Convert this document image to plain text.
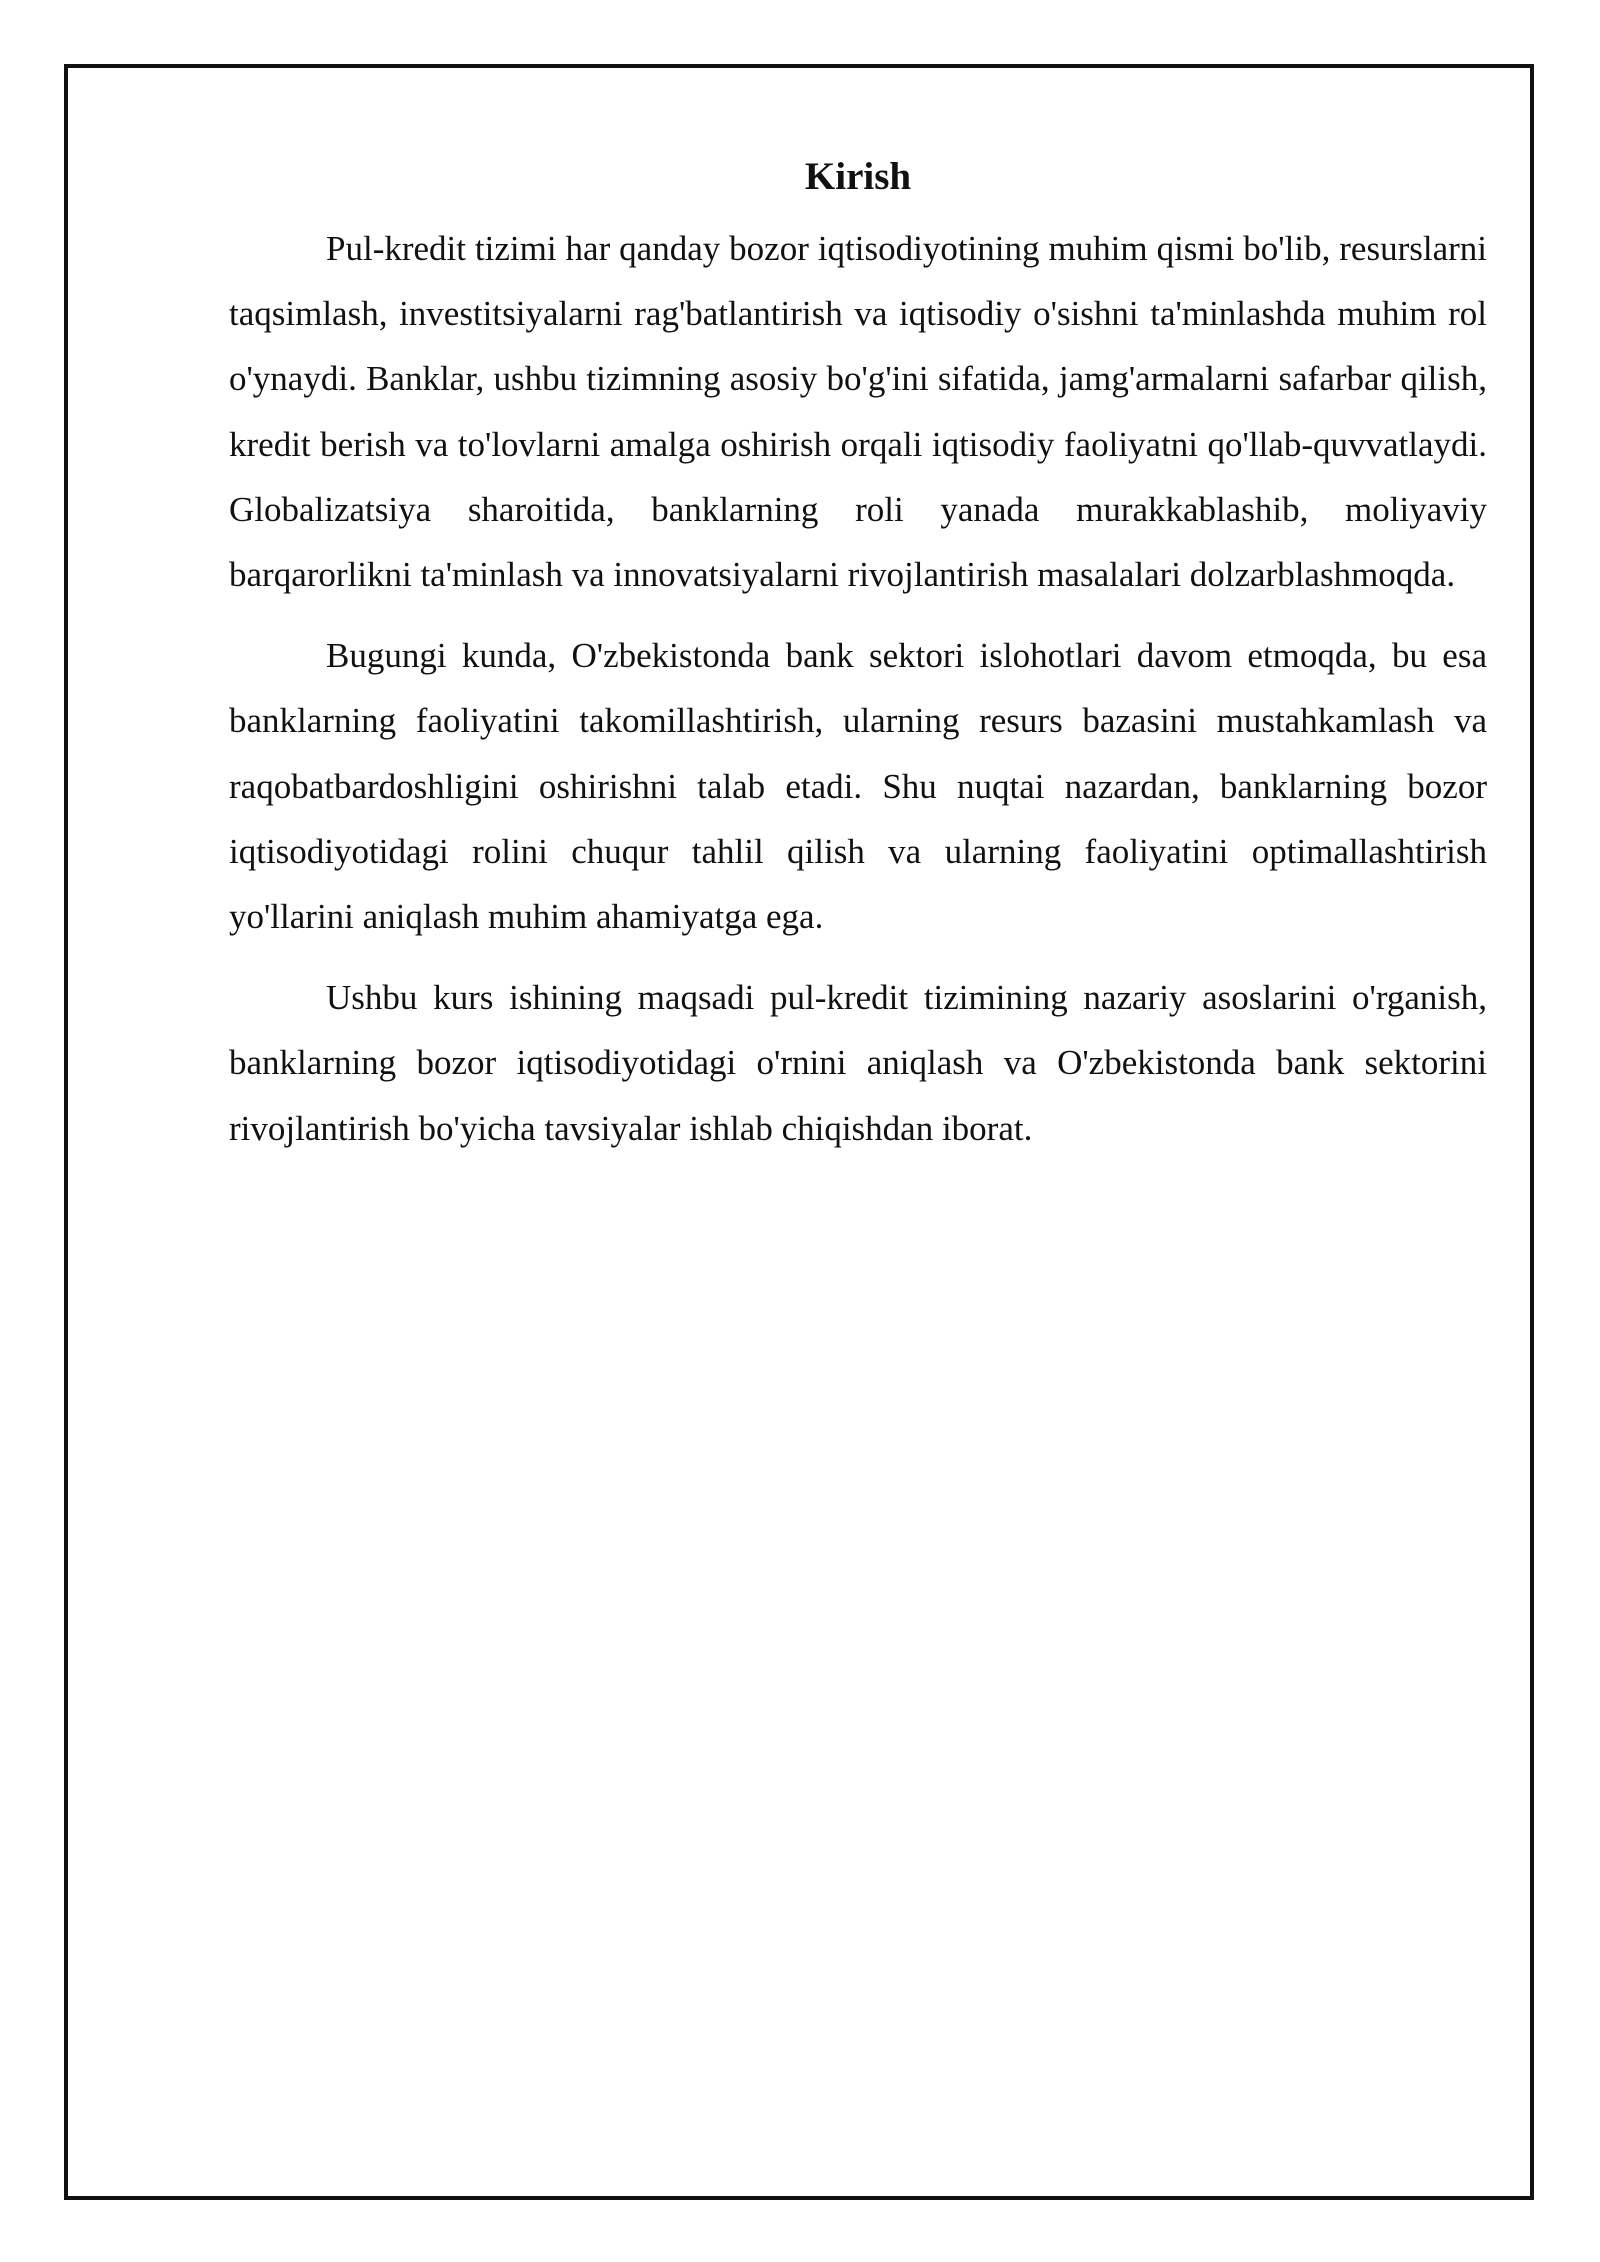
Kirish

Pul-kredit tizimi har qanday bozor iqtisodiyotining muhim qismi bo'lib, resurslarni taqsimlash, investitsiyalarni rag'batlantirish va iqtisodiy o'sishni ta'minlashda muhim rol o'ynaydi. Banklar, ushbu tizimning asosiy bo'g'ini sifatida, jamg'armalarni safarbar qilish, kredit berish va to'lovlarni amalga oshirish orqali iqtisodiy faoliyatni qo'llab-quvvatlaydi. Globalizatsiya sharoitida, banklarning roli yanada murakkablashib, moliyaviy barqarorlikni ta'minlash va innovatsiyalarni rivojlantirish masalalari dolzarblashmoqda.

Bugungi kunda, O'zbekistonda bank sektori islohotlari davom etmoqda, bu esa banklarning faoliyatini takomillashtirish, ularning resurs bazasini mustahkamlash va raqobatbardoshligini oshirishni talab etadi. Shu nuqtai nazardan, banklarning bozor iqtisodiyotidagi rolini chuqur tahlil qilish va ularning faoliyatini optimallashtirish yo'llarini aniqlash muhim ahamiyatga ega.

Ushbu kurs ishining maqsadi pul-kredit tizimining nazariy asoslarini o'rganish, banklarning bozor iqtisodiyotidagi o'rnini aniqlash va O'zbekistonda bank sektorini rivojlantirish bo'yicha tavsiyalar ishlab chiqishdan iborat.
